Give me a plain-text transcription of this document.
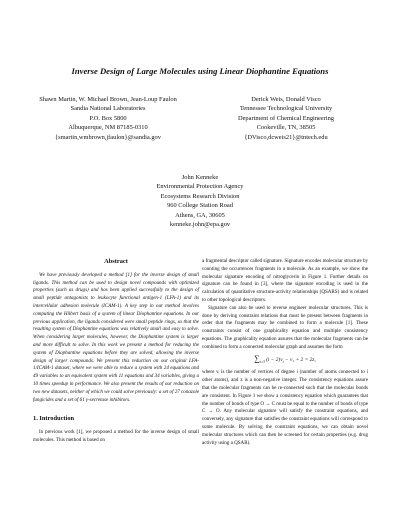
Inverse Design of Large Molecules using Linear Diophantine Equations
Shawn Martin, W. Michael Brown, Jean-Loup Faulon
Sandia National Laboratories
P.O. Box 5800
Albuquerque, NM 87185-0310
{smartin,wmbrown,jfaulon}@sandia.gov
Derick Weis, Donald Visco
Tennessee Technological University
Department of Chemical Engineering
Cookeville, TN, 38505
{DVisco,dcweis21}@tntech.edu
John Kenneke
Environmental Protection Agency
Ecosystems Research Division
960 College Station Road
Athens, GA, 30605
kenneke.john@epa.gov
Abstract

We have previously developed a method [1] for the inverse design of small ligands. This method can be used to design novel compounds with optimized properties (such as drugs) and has been applied successfully to the design of small peptide antagonists to leukocyte functional antigen-1 (LFA-1) and its intercellular adhesion molecule (ICAM-1). A key step in our method involves computing the Hilbert basis of a system of linear Diophantine equations. In our previous application, the ligands considered were small peptide rings, so that the resulting system of Diophantine equations was relatively small and easy to solve. When considering larger molecules, however, the Diophantine system is larger and more difficult to solve. In this work we present a method for reducing the system of Diophantine equations before they are solved, allowing the inverse design of larger compounds. We present this reduction on our original LFA-1/ICAM-1 dataset, where we were able to reduce a system with 24 equations and 49 variables to an equivalent system with 11 equations and 34 variables, giving a 10 times speedup in performance. We also present the results of our reduction on two new datasets, neither of which we could solve previously: a set of 27 conazole fungicides and a set of 61 γ-secretase inhibitors.

1. Introduction

In previous work [1], we proposed a method for the inverse design of small molecules. This method is based on

a fragmental descriptor called signature. Signature encodes molecular structure by counting the occurrences fragments in a molecule. As an example, we show the molecular signature encoding of nitroglycerin in Figure 1. Further details on signature can be found in [3], where the signature encoding is used in the calculation of quantitative structure-activity relationships (QSARS) and is related to other topological descriptors.

Signature can also be used to reverse engineer molecular structures. This is done by deriving constraint relations that must be present between fragments in order that the fragments may be combined to form a molecule [1]. These constraints consist of one graphicality equation and multiple consistency equations. The graphicality equation assures that the molecular fragments can be combined to form a connected molecular graph and assumes the form

$\sum_{i\ge 3}$ $(i - 2)\nu_i - \nu_1 + 2 = 2z$,

where νᵢ is the number of vertices of degree i (number of atoms connected to i other atoms), and z is a non-negative integer. The consistency equations assure that the molecular fragments can be re-connected such that the molecular bonds are consistent. In Figure 1 we show a consistency equation which guarantees that the number of bonds of type O → C must be equal to the number of bonds of type C → O. Any molecular signature will satisfy the constraint equations, and conversely, any signature that satisfies the constraint equations will correspond to some molecule. By solving the constraint equations, we can obtain novel molecular structures which can then be screened for certain properties (e.g. drug activity using a QSAR).
